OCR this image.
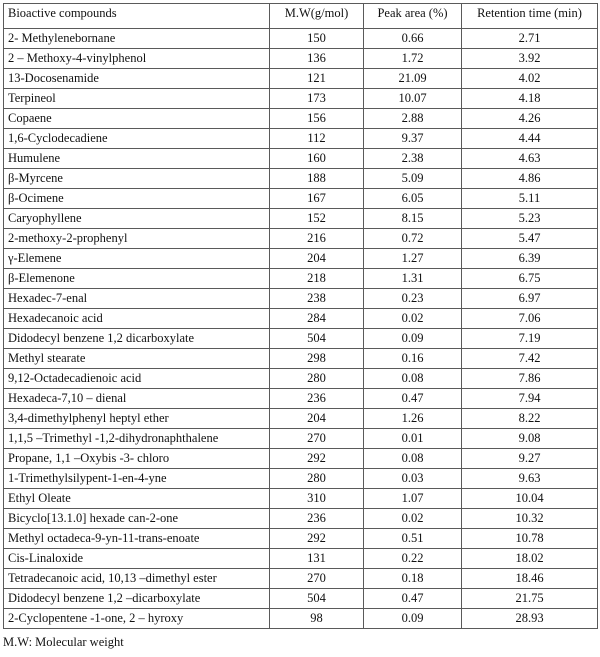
Bioactive compounds	M.W(g/mol)	Peak area (%)	Retention time (min)
2- Methylenebornane	150	0.66	2.71
2 – Methoxy-4-vinylphenol	136	1.72	3.92
13-Docosenamide	121	21.09	4.02
Terpineol	173	10.07	4.18
Copaene	156	2.88	4.26
1,6-Cyclodecadiene	112	9.37	4.44
Humulene	160	2.38	4.63
β-Myrcene	188	5.09	4.86
β-Ocimene	167	6.05	5.11
Caryophyllene	152	8.15	5.23
2-methoxy-2-prophenyl	216	0.72	5.47
γ-Elemene	204	1.27	6.39
β-Elemenone	218	1.31	6.75
Hexadec-7-enal	238	0.23	6.97
Hexadecanoic acid	284	0.02	7.06
Didodecyl benzene 1,2 dicarboxylate	504	0.09	7.19
Methyl stearate	298	0.16	7.42
9,12-Octadecadienoic acid	280	0.08	7.86
Hexadeca-7,10 – dienal	236	0.47	7.94
3,4-dimethylphenyl heptyl ether	204	1.26	8.22
1,1,5 –Trimethyl -1,2-dihydronaphthalene	270	0.01	9.08
Propane, 1,1 –Oxybis -3- chloro	292	0.08	9.27
1-Trimethylsilypent-1-en-4-yne	280	0.03	9.63
Ethyl Oleate	310	1.07	10.04
Bicyclo[13.1.0] hexade can-2-one	236	0.02	10.32
Methyl octadeca-9-yn-11-trans-enoate	292	0.51	10.78
Cis-Linaloxide	131	0.22	18.02
Tetradecanoic acid, 10,13 –dimethyl ester	270	0.18	18.46
Didodecyl benzene 1,2 –dicarboxylate	504	0.47	21.75
2-Cyclopentene -1-one, 2 – hyroxy	98	0.09	28.93
M.W: Molecular weight
